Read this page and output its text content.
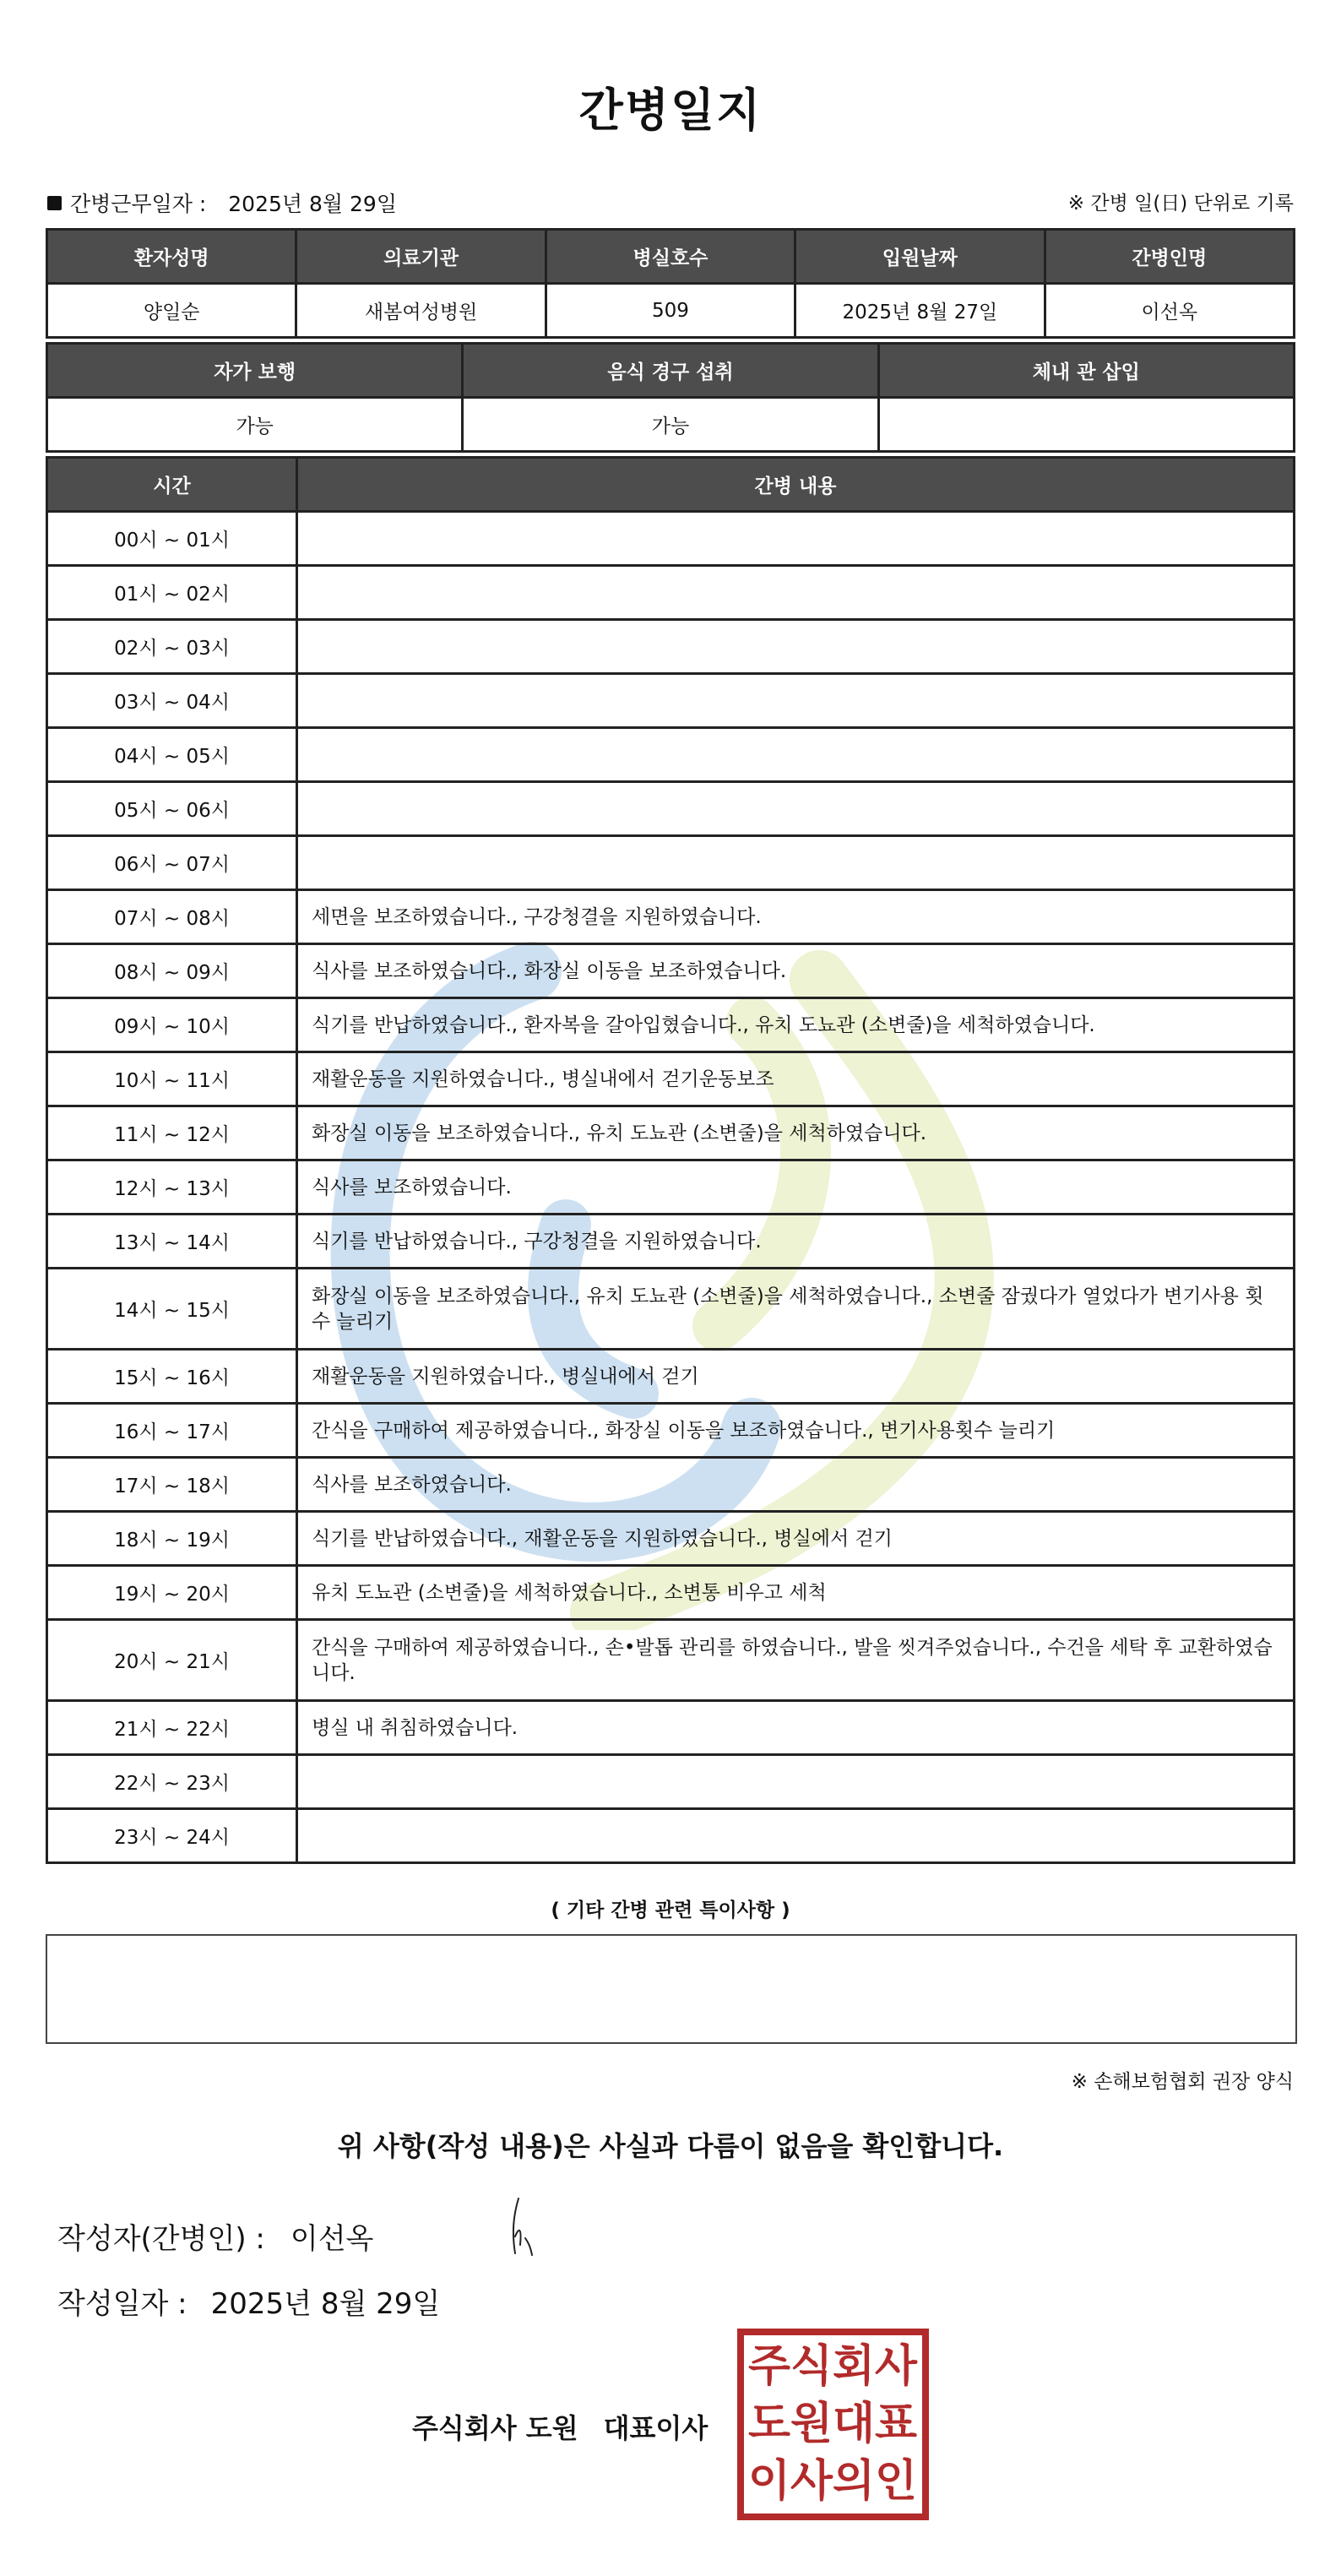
간병일지
간병근무일자 : 2025년 8월 29일	※ 간병 일(日) 단위로 기록
환자성명	의료기관	병실호수	입원날짜	간병인명
양일순	새봄여성병원	509	2025년 8월 27일	이선옥
자가 보행	음식 경구 섭취	체내 관 삽입
가능	가능	
시간	간병 내용
00시 ~ 01시	
01시 ~ 02시	
02시 ~ 03시	
03시 ~ 04시	
04시 ~ 05시	
05시 ~ 06시	
06시 ~ 07시	
07시 ~ 08시	세면을 보조하였습니다., 구강청결을 지원하였습니다.
08시 ~ 09시	식사를 보조하였습니다., 화장실 이동을 보조하였습니다.
09시 ~ 10시	식기를 반납하였습니다., 환자복을 갈아입혔습니다., 유치 도뇨관 (소변줄)을 세척하였습니다.
10시 ~ 11시	재활운동을 지원하였습니다., 병실내에서 걷기운동보조
11시 ~ 12시	화장실 이동을 보조하였습니다., 유치 도뇨관 (소변줄)을 세척하였습니다.
12시 ~ 13시	식사를 보조하였습니다.
13시 ~ 14시	식기를 반납하였습니다., 구강청결을 지원하였습니다.
14시 ~ 15시	화장실 이동을 보조하였습니다., 유치 도뇨관 (소변줄)을 세척하였습니다., 소변줄 잠궜다가 열었다가 변기사용 횟수 늘리기
15시 ~ 16시	재활운동을 지원하였습니다., 병실내에서 걷기
16시 ~ 17시	간식을 구매하여 제공하였습니다., 화장실 이동을 보조하였습니다., 변기사용횟수 늘리기
17시 ~ 18시	식사를 보조하였습니다.
18시 ~ 19시	식기를 반납하였습니다., 재활운동을 지원하였습니다., 병실에서 걷기
19시 ~ 20시	유치 도뇨관 (소변줄)을 세척하였습니다., 소변통 비우고 세척
20시 ~ 21시	간식을 구매하여 제공하였습니다., 손•발톱 관리를 하였습니다., 발을 씻겨주었습니다., 수건을 세탁 후 교환하였습니다.
21시 ~ 22시	병실 내 취침하였습니다.
22시 ~ 23시	
23시 ~ 24시	
( 기타 간병 관련 특이사항 )
※ 손해보험협회 권장 양식
위 사항(작성 내용)은 사실과 다름이 없음을 확인합니다.
작성자(간병인) : 이선옥
작성일자 : 2025년 8월 29일
주식회사 도원 대표이사
주식회사
도원대표
이사의인
